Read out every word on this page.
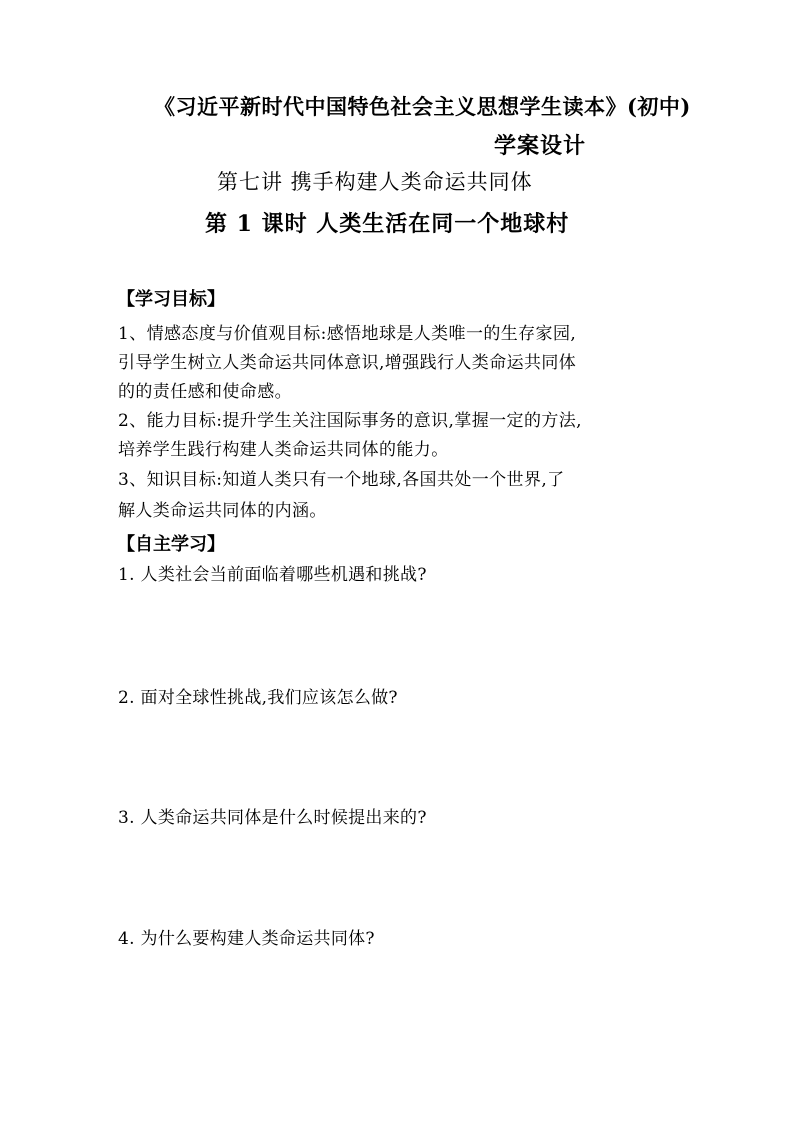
《习近平新时代中国特色社会主义思想学生读本》(初中)
学案设计
第七讲 携手构建人类命运共同体
第 1 课时 人类生活在同一个地球村
【学习目标】
1、情感态度与价值观目标:感悟地球是人类唯一的生存家园,
引导学生树立人类命运共同体意识,增强践行人类命运共同体
的的责任感和使命感。
2、能力目标:提升学生关注国际事务的意识,掌握一定的方法,
培养学生践行构建人类命运共同体的能力。
3、知识目标:知道人类只有一个地球,各国共处一个世界,了
解人类命运共同体的内涵。
【自主学习】
1. 人类社会当前面临着哪些机遇和挑战?
2. 面对全球性挑战,我们应该怎么做?
3. 人类命运共同体是什么时候提出来的?
4. 为什么要构建人类命运共同体?
